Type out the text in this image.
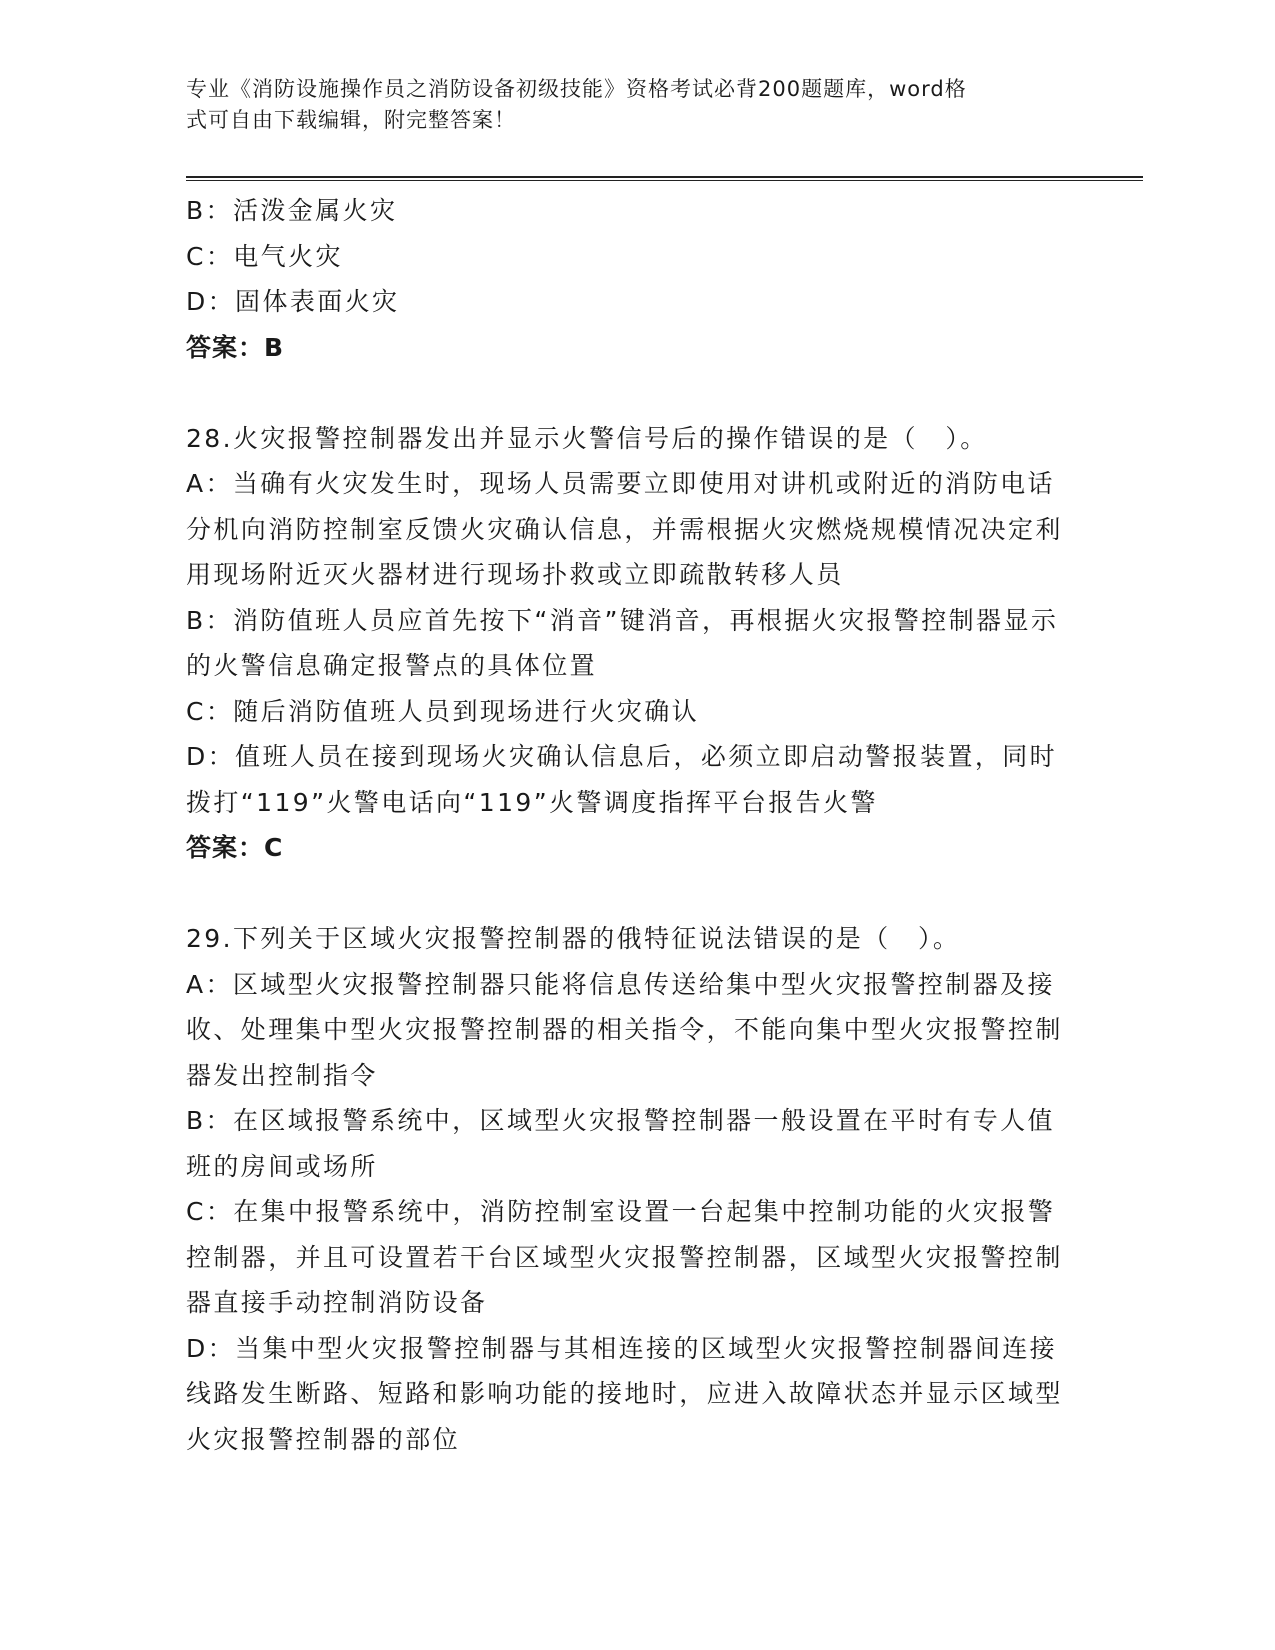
专业《消防设施操作员之消防设备初级技能》资格考试必背200题题库，word格
式可自由下载编辑，附完整答案！
B：活泼金属火灾
C：电气火灾
D：固体表面火灾
答案：B
28.火灾报警控制器发出并显示火警信号后的操作错误的是（　）。
A：当确有火灾发生时，现场人员需要立即使用对讲机或附近的消防电话分机向消防控制室反馈火灾确认信息，并需根据火灾燃烧规模情况决定利用现场附近灭火器材进行现场扑救或立即疏散转移人员
B：消防值班人员应首先按下“消音”键消音，再根据火灾报警控制器显示的火警信息确定报警点的具体位置
C：随后消防值班人员到现场进行火灾确认
D：值班人员在接到现场火灾确认信息后，必须立即启动警报装置，同时拨打“119”火警电话向“119”火警调度指挥平台报告火警
答案：C
29.下列关于区域火灾报警控制器的俄特征说法错误的是（　）。
A：区域型火灾报警控制器只能将信息传送给集中型火灾报警控制器及接收、处理集中型火灾报警控制器的相关指令，不能向集中型火灾报警控制器发出控制指令
B：在区域报警系统中，区域型火灾报警控制器一般设置在平时有专人值班的房间或场所
C：在集中报警系统中，消防控制室设置一台起集中控制功能的火灾报警控制器，并且可设置若干台区域型火灾报警控制器，区域型火灾报警控制器直接手动控制消防设备
D：当集中型火灾报警控制器与其相连接的区域型火灾报警控制器间连接线路发生断路、短路和影响功能的接地时，应进入故障状态并显示区域型火灾报警控制器的部位
